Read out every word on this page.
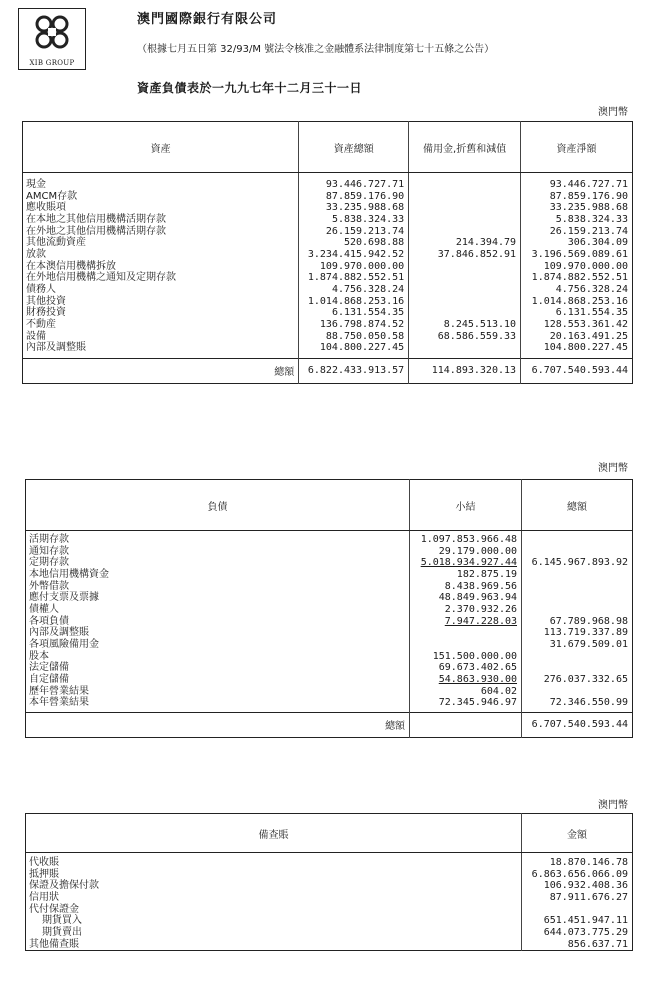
XIB GROUP
澳門國際銀行有限公司
（根據七月五日第 32/93/M 號法令核准之金融體系法律制度第七十五條之公告）
資產負債表於一九九七年十二月三十一日
澳門幣
資產	資產總額	備用金,折舊和減值	資產淨額

現金	93.446.727.71		93.446.727.71
AMCM存款	87.859.176.90		87.859.176.90
應收賬項	33.235.988.68		33.235.988.68
在本地之其他信用機構活期存款	5.838.324.33		5.838.324.33
在外地之其他信用機構活期存款	26.159.213.74		26.159.213.74
其他流動資産	520.698.88	214.394.79	306.304.09
放款	3.234.415.942.52	37.846.852.91	3.196.569.089.61
在本澳信用機構拆放	109.970.000.00		109.970.000.00
在外地信用機構之通知及定期存款	1.874.882.552.51		1.874.882.552.51
債務人	4.756.328.24		4.756.328.24
其他投資	1.014.868.253.16		1.014.868.253.16
財務投資	6.131.554.35		6.131.554.35
不動産	136.798.874.52	8.245.513.10	128.553.361.42
設備	88.750.050.58	68.586.559.33	20.163.491.25
內部及調整賬	104.800.227.45		104.800.227.45

總額	6.822.433.913.57	114.893.320.13	6.707.540.593.44
澳門幣
負債	小結	總額

活期存款	1.097.853.966.48	
通知存款	29.179.000.00	
定期存款	5.018.934.927.44	6.145.967.893.92
本地信用機構資金	182.875.19	
外幣借款	8.438.969.56	
應付支票及票據	48.849.963.94	
債權人	2.370.932.26	
各項負債	7.947.228.03	67.789.968.98
內部及調整賬		113.719.337.89
各項風險備用金		31.679.509.01
股本	151.500.000.00	
法定儲備	69.673.402.65	
自定儲備	54.863.930.00	276.037.332.65
歷年營業結果	604.02	
本年營業結果	72.345.946.97	72.346.550.99

總額		6.707.540.593.44
澳門幣
備查賬	金額

代收賬	18.870.146.78
抵押賬	6.863.656.066.09
保證及擔保付款	106.932.408.36
信用狀	87.911.676.27
代付保證金	
期貨買入	651.451.947.11
期貨賣出	644.073.775.29
其他備查賬	856.637.71
